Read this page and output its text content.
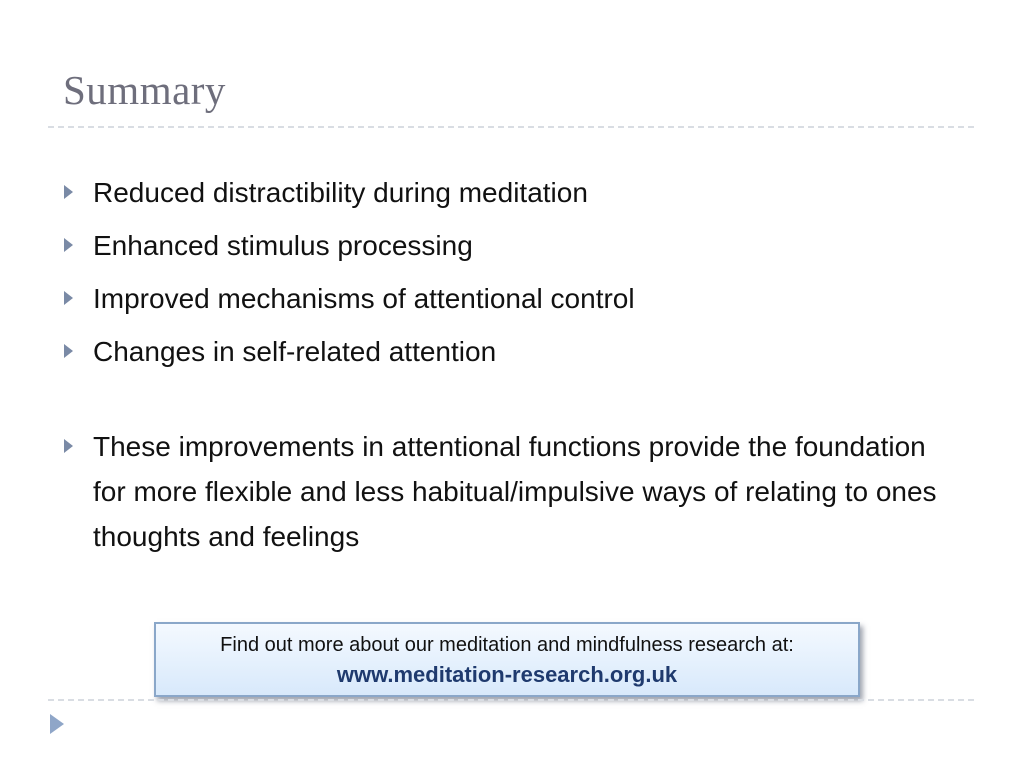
Summary
Reduced distractibility during meditation
Enhanced stimulus processing
Improved mechanisms of attentional control
Changes in self-related attention
These improvements in attentional functions provide the foundation for more flexible and less habitual/impulsive ways of relating to ones thoughts and feelings
Find out more about our meditation and mindfulness research at:
www.meditation-research.org.uk
